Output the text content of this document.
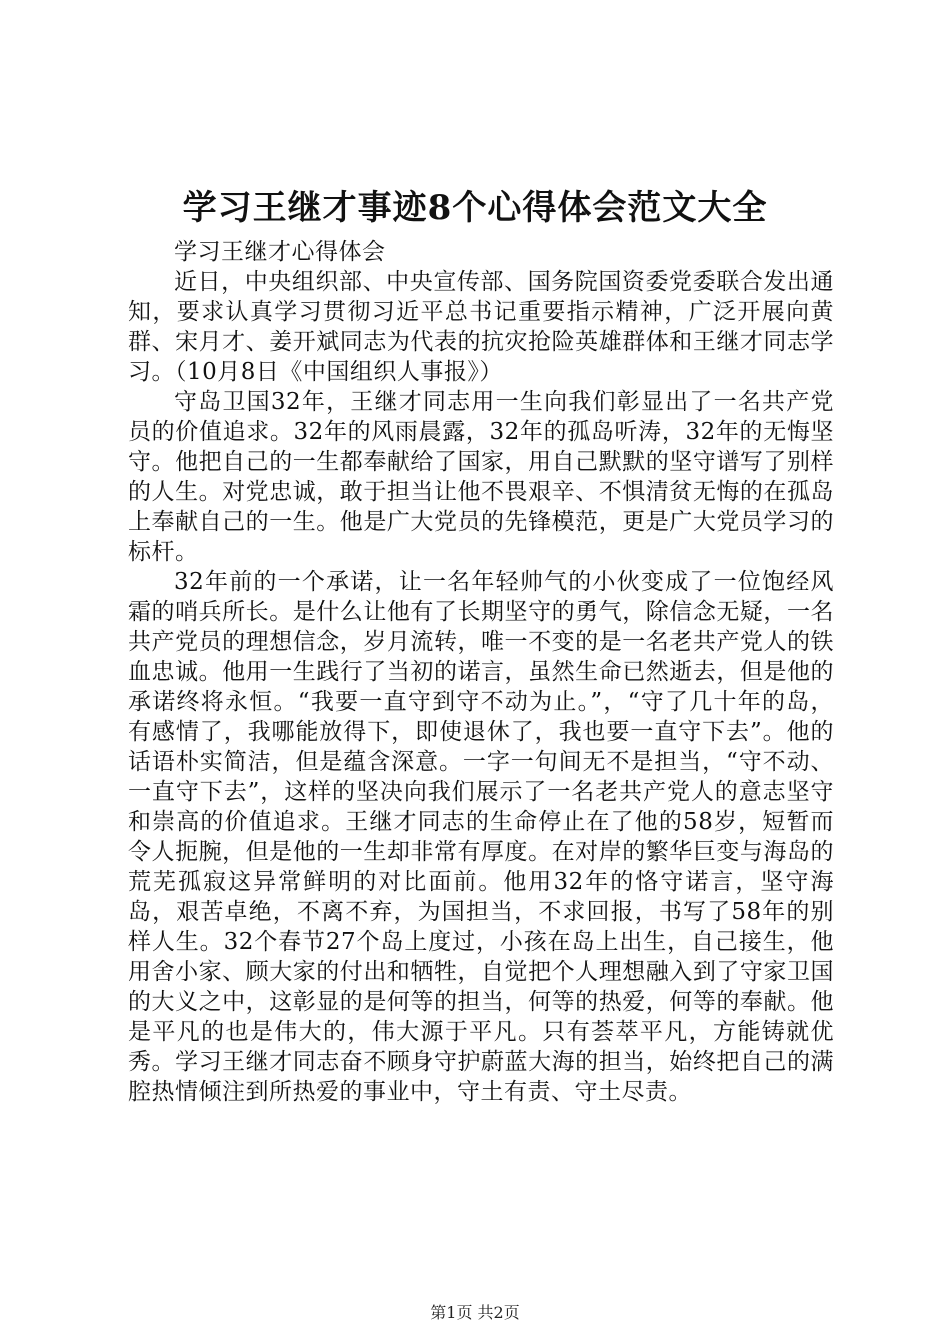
学习王继才事迹8个心得体会范文大全

学习王继才心得体会

近日，中央组织部、中央宣传部、国务院国资委党委联合发出通知，要求认真学习贯彻习近平总书记重要指示精神，广泛开展向黄群、宋月才、姜开斌同志为代表的抗灾抢险英雄群体和王继才同志学习。（10月8日《中国组织人事报》）

守岛卫国32年，王继才同志用一生向我们彰显出了一名共产党员的价值追求。32年的风雨晨露，32年的孤岛听涛，32年的无悔坚守。他把自己的一生都奉献给了国家，用自己默默的坚守谱写了别样的人生。对党忠诚，敢于担当让他不畏艰辛、不惧清贫无悔的在孤岛上奉献自己的一生。他是广大党员的先锋模范，更是广大党员学习的标杆。

32年前的一个承诺，让一名年轻帅气的小伙变成了一位饱经风霜的哨兵所长。是什么让他有了长期坚守的勇气，除信念无疑，一名共产党员的理想信念，岁月流转，唯一不变的是一名老共产党人的铁血忠诚。他用一生践行了当初的诺言，虽然生命已然逝去，但是他的承诺终将永恒。“我要一直守到守不动为止。”，“守了几十年的岛，有感情了，我哪能放得下，即使退休了，我也要一直守下去”。他的话语朴实简洁，但是蕴含深意。一字一句间无不是担当，“守不动、一直守下去”，这样的坚决向我们展示了一名老共产党人的意志坚守和崇高的价值追求。王继才同志的生命停止在了他的58岁，短暂而令人扼腕，但是他的一生却非常有厚度。在对岸的繁华巨变与海岛的荒芜孤寂这异常鲜明的对比面前。他用32年的恪守诺言，坚守海岛，艰苦卓绝，不离不弃，为国担当，不求回报，书写了58年的别样人生。32个春节27个岛上度过，小孩在岛上出生，自己接生，他用舍小家、顾大家的付出和牺牲，自觉把个人理想融入到了守家卫国的大义之中，这彰显的是何等的担当，何等的热爱，何等的奉献。他是平凡的也是伟大的，伟大源于平凡。只有荟萃平凡，方能铸就优秀。学习王继才同志奋不顾身守护蔚蓝大海的担当，始终把自己的满腔热情倾注到所热爱的事业中，守土有责、守土尽责。

第1页 共2页
